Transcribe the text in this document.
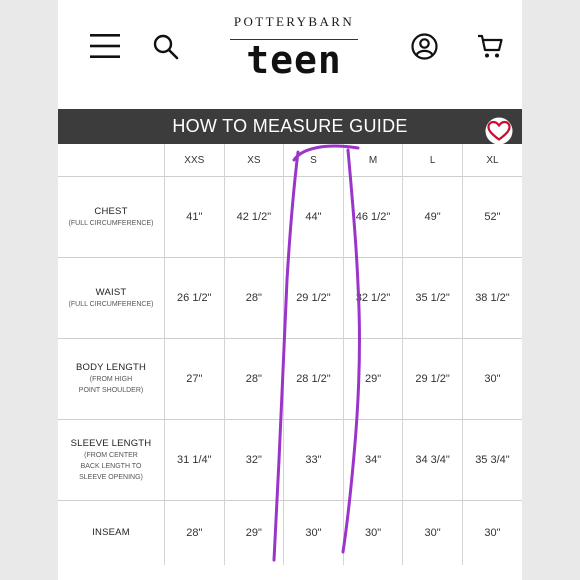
POTTERYBARN
teen
HOW TO MEASURE GUIDE
	XXS	XS	S	M	L	XL

CHEST
(FULL CIRCUMFERENCE)	41"	42 1/2"	44"	46 1/2"	49"	52"

WAIST
(FULL CIRCUMFERENCE)	26 1/2"	28"	29 1/2"	32 1/2"	35 1/2"	38 1/2"

BODY LENGTH
(FROM HIGH
POINT SHOULDER)	27"	28"	28 1/2"	29"	29 1/2"	30"

SLEEVE LENGTH
(FROM CENTER
BACK LENGTH TO
SLEEVE OPENING)	31 1/4"	32"	33"	34"	34 3/4"	35 3/4"

INSEAM	28"	29"	30"	30"	30"	30"
